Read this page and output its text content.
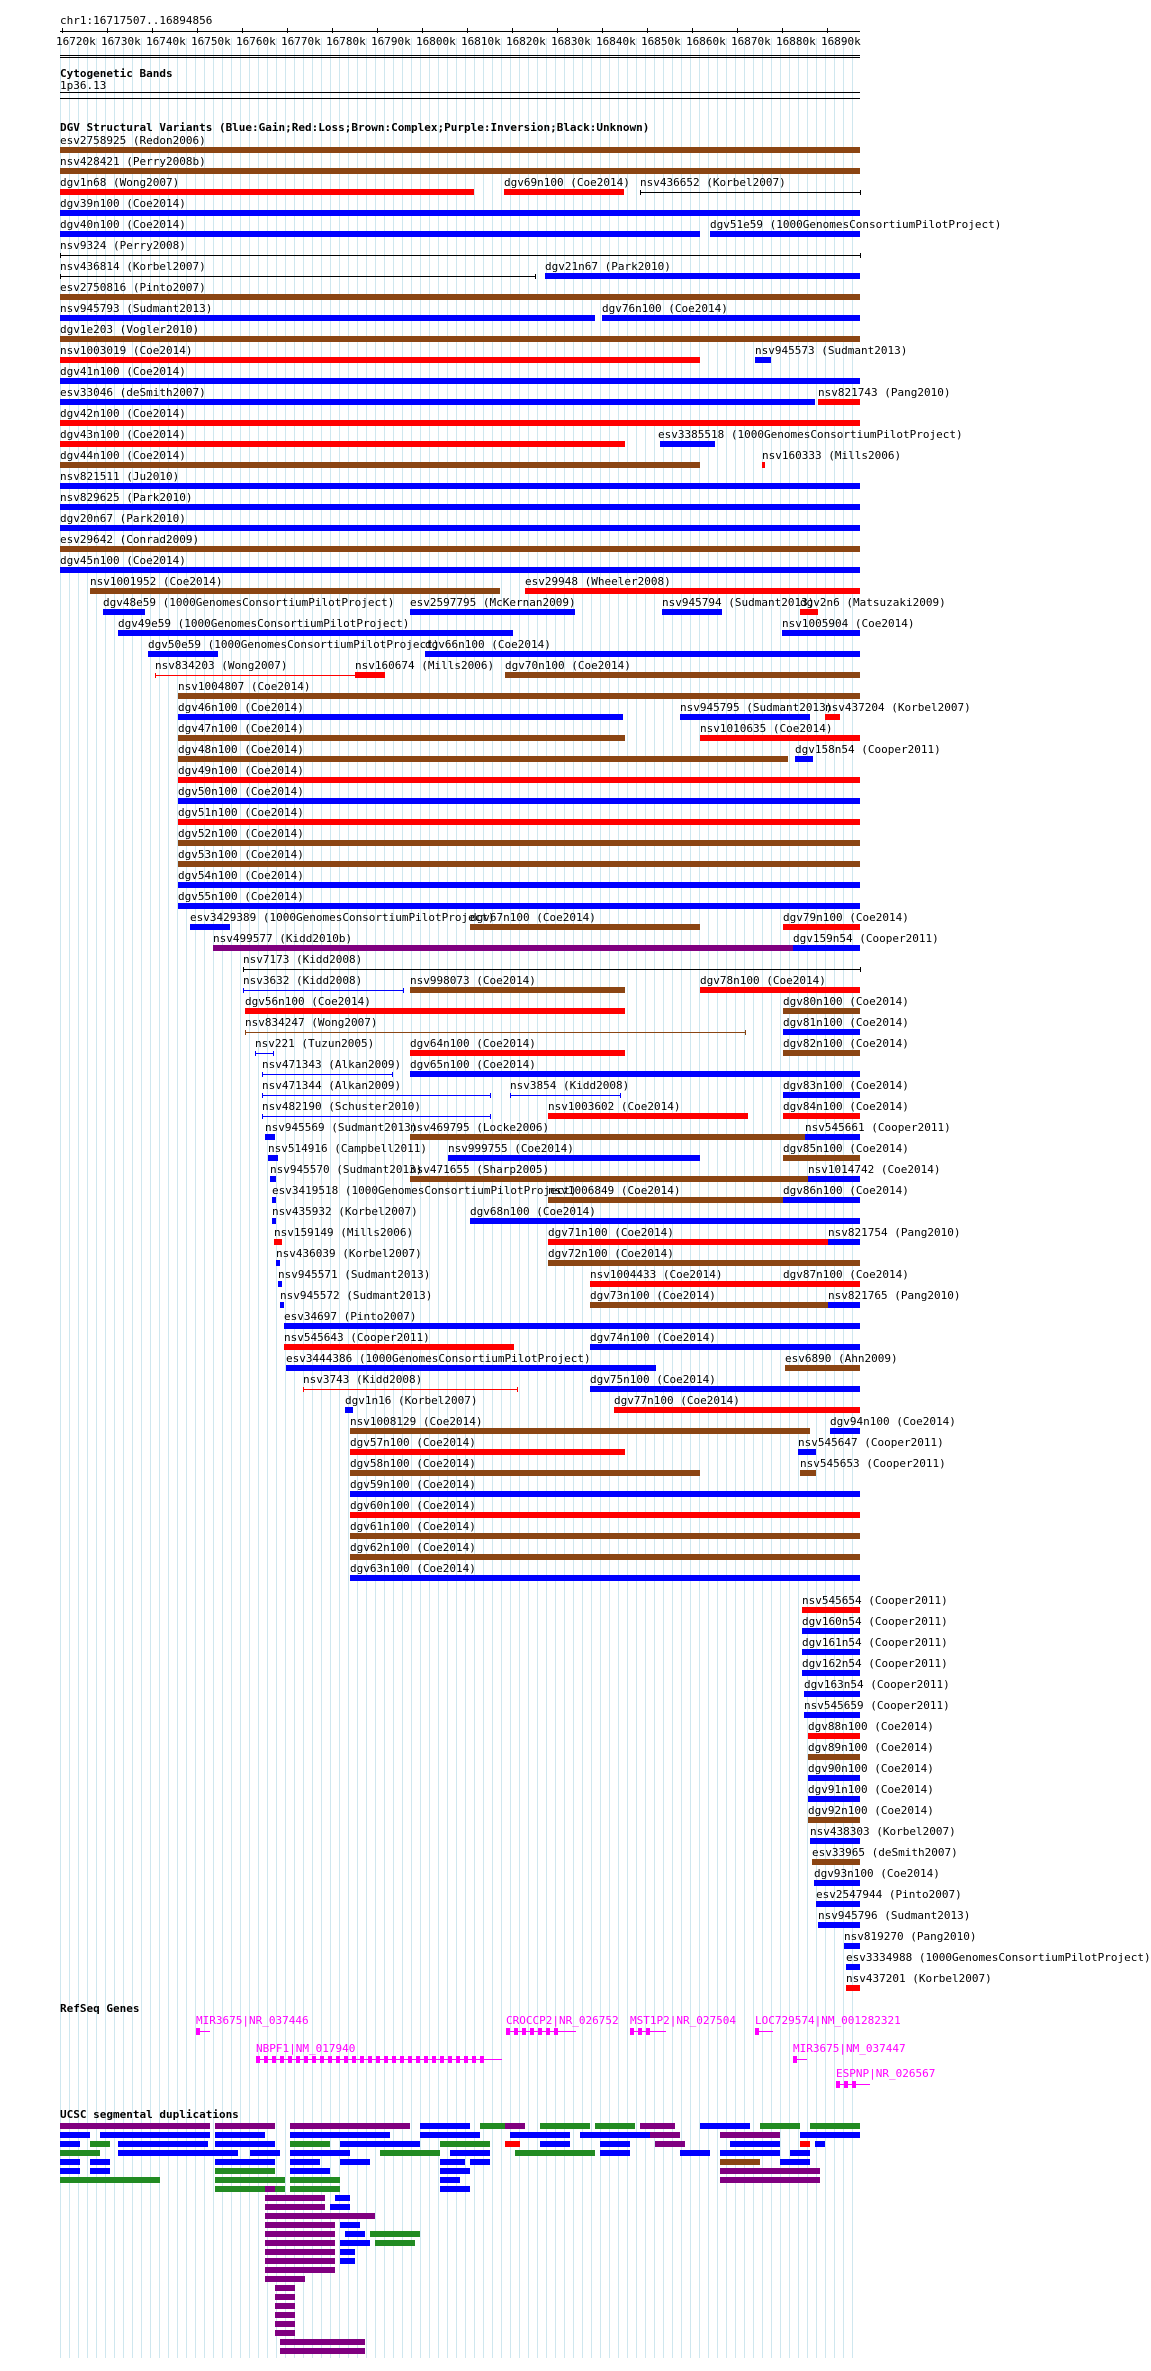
chr1:16717507..16894856
16720k 16730k 16740k 16750k 16760k 16770k 16780k 16790k 16800k 16810k 16820k 16830k 16840k 16850k 16860k 16870k 16880k 16890k
Cytogenetic Bands
1p36.13
DGV Structural Variants (Blue:Gain;Red:Loss;Brown:Complex;Purple:Inversion;Black:Unknown)
esv2758925 (Redon2006)
nsv428421 (Perry2008b)
dgv1n68 (Wong2007)	dgv69n100 (Coe2014) nsv436652 (Korbel2007)
dgv39n100 (Coe2014)
dgv40n100 (Coe2014)	dgv51e59 (1000GenomesConsortiumPilotProject)
nsv9324 (Perry2008)
nsv436814 (Korbel2007)	dgv21n67 (Park2010)
esv2750816 (Pinto2007)
nsv945793 (Sudmant2013)	dgv76n100 (Coe2014)
dgv1e203 (Vogler2010)
nsv1003019 (Coe2014)	nsv945573 (Sudmant2013)
dgv41n100 (Coe2014)
esv33046 (deSmith2007)	nsv821743 (Pang2010)
dgv42n100 (Coe2014)
dgv43n100 (Coe2014)	esv3385518 (1000GenomesConsortiumPilotProject)
dgv44n100 (Coe2014)	nsv160333 (Mills2006)
nsv821511 (Ju2010)
nsv829625 (Park2010)
dgv20n67 (Park2010)
esv29642 (Conrad2009)
dgv45n100 (Coe2014)
nsv1001952 (Coe2014)	esv29948 (Wheeler2008)
dgv48e59 (1000GenomesConsortiumPilotProject) esv2597795 (McKernan2009)	nsv945794 (Sudmant2013)
dgv2n6 (Matsuzaki2009)
dgv49e59 (1000GenomesConsortiumPilotProject)	nsv1005904 (Coe2014)
dgv50e59 (1000GenomesConsortiumPilotProject)
dgv66n100 (Coe2014)
nsv834203 (Wong2007)	nsv160674 (Mills2006) dgv70n100 (Coe2014)
nsv1004807 (Coe2014)
dgv46n100 (Coe2014)	nsv945795 (Sudmant2013)
nsv437204 (Korbel2007)
dgv47n100 (Coe2014)	nsv1010635 (Coe2014)
dgv48n100 (Coe2014)	dgv158n54 (Cooper2011)
dgv49n100 (Coe2014)
dgv50n100 (Coe2014)
dgv51n100 (Coe2014)
dgv52n100 (Coe2014)
dgv53n100 (Coe2014)
dgv54n100 (Coe2014)
dgv55n100 (Coe2014)
esv3429389 (1000GenomesConsortiumPilotProject)
dgv67n100 (Coe2014)	dgv79n100 (Coe2014)
nsv499577 (Kidd2010b)	dgv159n54 (Cooper2011)
nsv7173 (Kidd2008)
nsv3632 (Kidd2008)	nsv998073 (Coe2014)	dgv78n100 (Coe2014)
dgv56n100 (Coe2014)	dgv80n100 (Coe2014)
nsv834247 (Wong2007)	dgv81n100 (Coe2014)
nsv221 (Tuzun2005)	dgv64n100 (Coe2014)	dgv82n100 (Coe2014)
nsv471343 (Alkan2009) dgv65n100 (Coe2014)
nsv471344 (Alkan2009)	nsv3854 (Kidd2008)	dgv83n100 (Coe2014)
nsv482190 (Schuster2010)	nsv1003602 (Coe2014)	dgv84n100 (Coe2014)
nsv945569 (Sudmant2013)
nsv469795 (Locke2006)	nsv545661 (Cooper2011)
nsv514916 (Campbell2011) nsv999755 (Coe2014)	dgv85n100 (Coe2014)
nsv945570 (Sudmant2013)
nsv471655 (Sharp2005)	nsv1014742 (Coe2014)
esv3419518 (1000GenomesConsortiumPilotProject)
nsv1006849 (Coe2014)	dgv86n100 (Coe2014)
nsv435932 (Korbel2007)	dgv68n100 (Coe2014)
nsv159149 (Mills2006)	dgv71n100 (Coe2014)	nsv821754 (Pang2010)
nsv436039 (Korbel2007)	dgv72n100 (Coe2014)
nsv945571 (Sudmant2013)	nsv1004433 (Coe2014)	dgv87n100 (Coe2014)
nsv945572 (Sudmant2013)	dgv73n100 (Coe2014)	nsv821765 (Pang2010)
esv34697 (Pinto2007)
nsv545643 (Cooper2011)	dgv74n100 (Coe2014)
esv3444386 (1000GenomesConsortiumPilotProject)	esv6890 (Ahn2009)
nsv3743 (Kidd2008)	dgv75n100 (Coe2014)
dgv1n16 (Korbel2007)	dgv77n100 (Coe2014)
nsv1008129 (Coe2014)	dgv94n100 (Coe2014)
dgv57n100 (Coe2014)	nsv545647 (Cooper2011)
dgv58n100 (Coe2014)	nsv545653 (Cooper2011)
dgv59n100 (Coe2014)
dgv60n100 (Coe2014)
dgv61n100 (Coe2014)
dgv62n100 (Coe2014)
dgv63n100 (Coe2014)
nsv545654 (Cooper2011)
dgv160n54 (Cooper2011)
dgv161n54 (Cooper2011)
dgv162n54 (Cooper2011)
dgv163n54 (Cooper2011)
nsv545659 (Cooper2011)
dgv88n100 (Coe2014)
dgv89n100 (Coe2014)
dgv90n100 (Coe2014)
dgv91n100 (Coe2014)
dgv92n100 (Coe2014)
nsv438303 (Korbel2007)
esv33965 (deSmith2007)
dgv93n100 (Coe2014)
esv2547944 (Pinto2007)
nsv945796 (Sudmant2013)
nsv819270 (Pang2010)
esv3334988 (1000GenomesConsortiumPilotProject)
nsv437201 (Korbel2007)
RefSeq Genes
MIR3675|NR_037446	CROCCP2|NR_026752 MST1P2|NR_027504 LOC729574|NM_001282321
NBPF1|NM_017940	MIR3675|NM_037447
ESPNP|NR_026567
UCSC segmental duplications
